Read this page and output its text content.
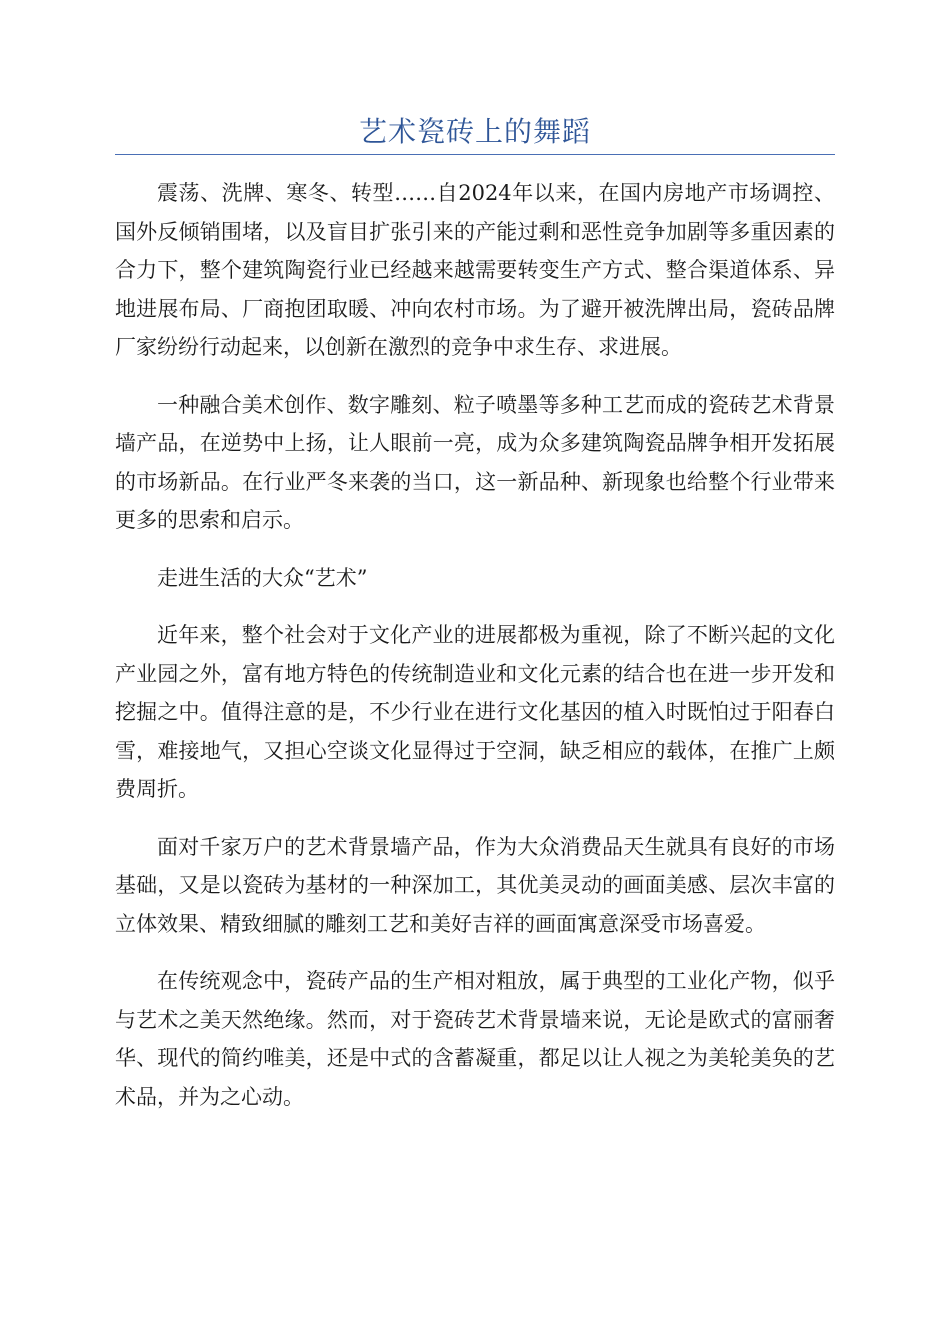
艺术瓷砖上的舞蹈

震荡、洗牌、寒冬、转型……自2024年以来，在国内房地产市场调控、国外反倾销围堵，以及盲目扩张引来的产能过剩和恶性竞争加剧等多重因素的合力下，整个建筑陶瓷行业已经越来越需要转变生产方式、整合渠道体系、异地进展布局、厂商抱团取暖、冲向农村市场。为了避开被洗牌出局，瓷砖品牌厂家纷纷行动起来，以创新在激烈的竞争中求生存、求进展。

一种融合美术创作、数字雕刻、粒子喷墨等多种工艺而成的瓷砖艺术背景墙产品，在逆势中上扬，让人眼前一亮，成为众多建筑陶瓷品牌争相开发拓展的市场新品。在行业严冬来袭的当口，这一新品种、新现象也给整个行业带来更多的思索和启示。

走进生活的大众“艺术”

近年来，整个社会对于文化产业的进展都极为重视，除了不断兴起的文化产业园之外，富有地方特色的传统制造业和文化元素的结合也在进一步开发和挖掘之中。值得注意的是，不少行业在进行文化基因的植入时既怕过于阳春白雪，难接地气，又担心空谈文化显得过于空洞，缺乏相应的载体，在推广上颇费周折。

面对千家万户的艺术背景墙产品，作为大众消费品天生就具有良好的市场基础，又是以瓷砖为基材的一种深加工，其优美灵动的画面美感、层次丰富的立体效果、精致细腻的雕刻工艺和美好吉祥的画面寓意深受市场喜爱。

在传统观念中，瓷砖产品的生产相对粗放，属于典型的工业化产物，似乎与艺术之美天然绝缘。然而，对于瓷砖艺术背景墙来说，无论是欧式的富丽奢华、现代的简约唯美，还是中式的含蓄凝重，都足以让人视之为美轮美奂的艺术品，并为之心动。
